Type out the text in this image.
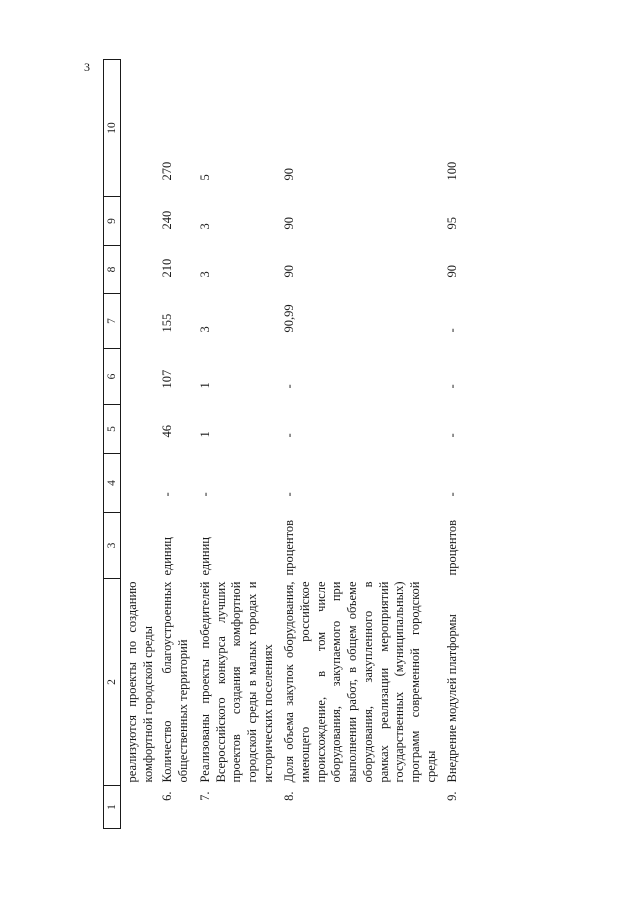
3
1	2	3	4	5	6	7	8	9	10
	реализуются проекты по созданию комфортной городской среды								
6.	Количество благоустроенных общественных территорий	единиц	-	46	107	155	210	240	270
7.	Реализованы проекты победителей Всероссийского конкурса лучших проектов создания комфортной городской среды в малых городах и исторических поселениях	единиц	-	1	1	3	3	3	5
8.	Доля объема закупок оборудования, имеющего российское происхождение, в том числе оборудования, закупаемого при выполнении работ, в общем объеме оборудования, закупленного в рамках реализации мероприятий государственных (муниципальных) программ современной городской среды	процентов	-	-	-	90,99	90	90	90
9.	Внедрение модулей платформы	процентов	-	-	-	-	90	95	100
